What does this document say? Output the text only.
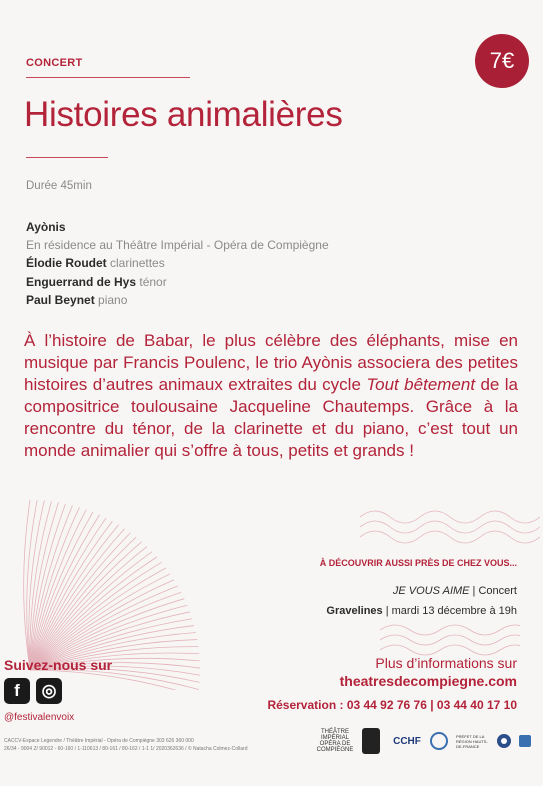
CONCERT	7€
Histoires animalières
Durée 45min
Ayònis
En résidence au Théâtre Impérial - Opéra de Compiègne
Élodie Roudet clarinettes
Enguerrand de Hys ténor
Paul Beynet piano
À l’histoire de Babar, le plus célèbre des éléphants, mise en musique par Francis Poulenc, le trio Ayònis associera des petites histoires d’autres animaux extraites du cycle Tout bêtement de la compositrice toulousaine Jacqueline Chautemps. Grâce à la rencontre du ténor, de la clarinette et du piano, c’est tout un monde animalier qui s’offre à tous, petits et grands !
À DÉCOUVRIR AUSSI PRÈS DE CHEZ VOUS...
JE VOUS AIME | Concert
Gravelines | mardi 13 décembre à 19h
Suivez-nous sur
f	◎
@festivalenvoix
Plus d’informations sur
theatresdecompiegne.com
Réservation : 03 44 92 76 76 | 03 44 40 17 10
CACCV-Espace Legendre / Théâtre Impérial - Opéra de Compiègne 303 626 360 000
26/34 - 9004 Z/ 90012 - 60-160 / 1-110613 / 80-161 / 80-162 / 1-1 1/ 2020362636 / © Natacha Colmez-Collard
THÉÂTRE IMPÉRIAL OPÉRA DE COMPIÈGNE
CCHF	PRÉFET DE LA RÉGION HAUTS-DE-FRANCE
